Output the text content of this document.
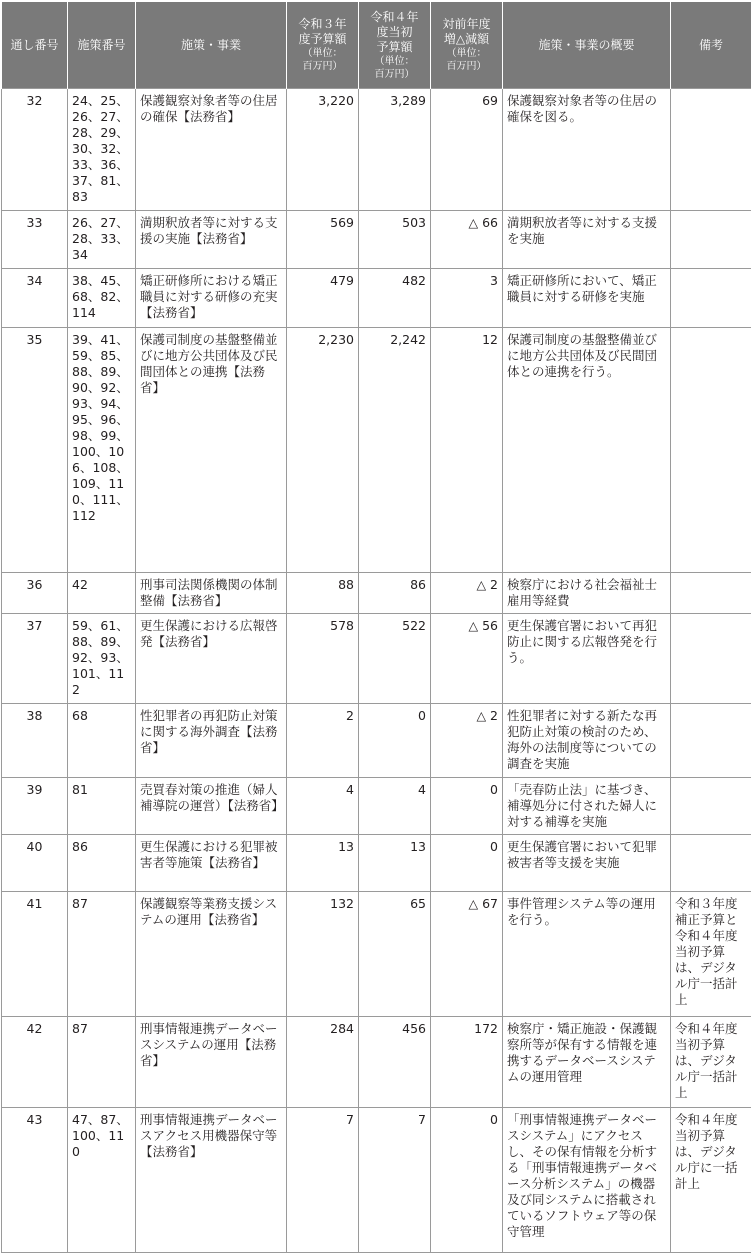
通し番号	施策番号	施策・事業	令和３年
度予算額

（単位：
百万円）	令和４年
度当初
予算額

（単位：
百万円）	対前年度
増△減額

（単位：
百万円）	施策・事業の概要	備考
32	24、25、26、27、28、29、30、32、33、36、37、81、83	保護観察対象者等の住居の確保【法務省】	3,220	3,289	69	保護観察対象者等の住居の確保を図る。	
33	26、27、28、33、34	満期釈放者等に対する支援の実施【法務省】	569	503	△ 66	満期釈放者等に対する支援を実施	
34	38、45、68、82、114	矯正研修所における矯正職員に対する研修の充実【法務省】	479	482	3	矯正研修所において、矯正職員に対する研修を実施	
35	39、41、59、85、88、89、90、92、93、94、95、96、98、99、100、106、108、109、110、111、112	保護司制度の基盤整備並びに地方公共団体及び民間団体との連携【法務省】	2,230	2,242	12	保護司制度の基盤整備並びに地方公共団体及び民間団体との連携を行う。	
36	42	刑事司法関係機関の体制整備【法務省】	88	86	△ 2	検察庁における社会福祉士雇用等経費	
37	59、61、88、89、92、93、101、112	更生保護における広報啓発【法務省】	578	522	△ 56	更生保護官署において再犯防止に関する広報啓発を行う。	
38	68	性犯罪者の再犯防止対策に関する海外調査【法務省】	2	0	△ 2	性犯罪者に対する新たな再犯防止対策の検討のため、海外の法制度等についての調査を実施	
39	81	売買春対策の推進（婦人補導院の運営）【法務省】	4	4	0	「売春防止法」に基づき、補導処分に付された婦人に対する補導を実施	
40	86	更生保護における犯罪被害者等施策【法務省】	13	13	0	更生保護官署において犯罪被害者等支援を実施	
41	87	保護観察等業務支援システムの運用【法務省】	132	65	△ 67	事件管理システム等の運用を行う。	令和３年度補正予算と令和４年度当初予算は、デジタル庁一括計上
42	87	刑事情報連携データベースシステムの運用【法務省】	284	456	172	検察庁・矯正施設・保護観察所等が保有する情報を連携するデータベースシステムの運用管理	令和４年度当初予算は、デジタル庁一括計上
43	47、87、100、110	刑事情報連携データベースアクセス用機器保守等【法務省】	7	7	0	「刑事情報連携データベースシステム」にアクセスし、その保有情報を分析する「刑事情報連携データベース分析システム」の機器及び同システムに搭載されているソフトウェア等の保守管理	令和４年度当初予算は、デジタル庁に一括計上
